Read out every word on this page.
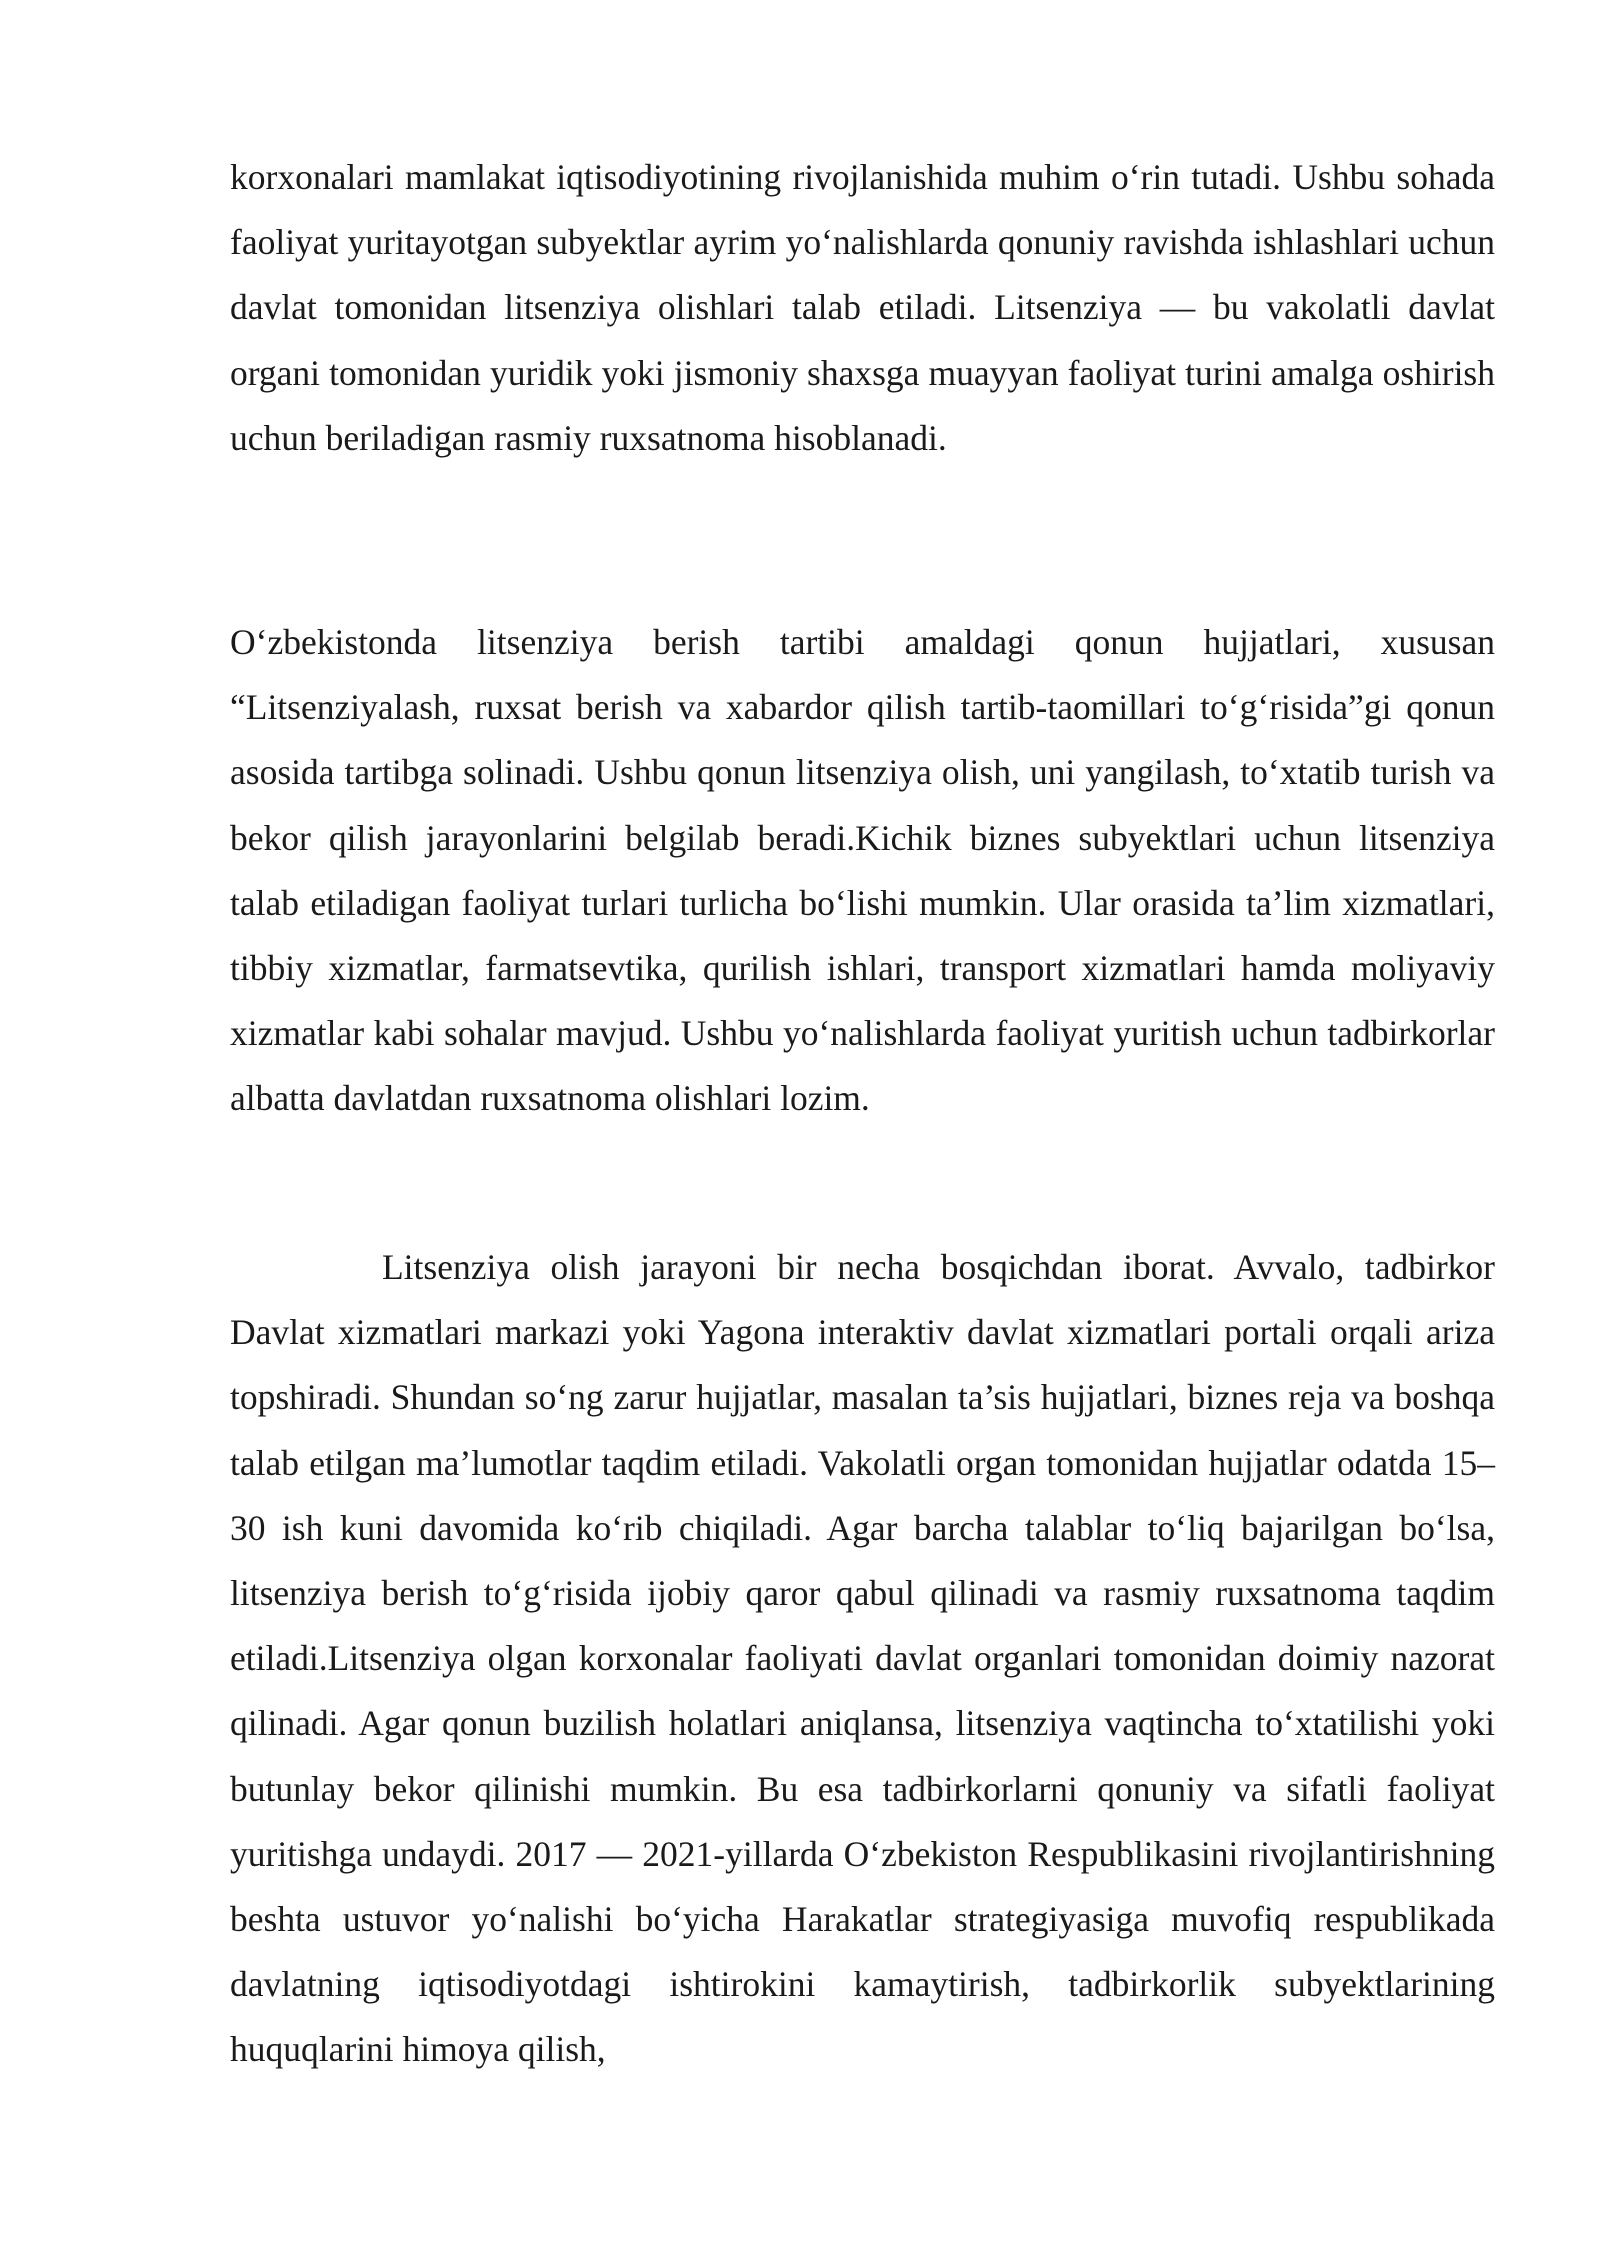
korxonalari mamlakat iqtisodiyotining rivojlanishida muhim o‘rin tutadi. Ushbu sohada faoliyat yuritayotgan subyektlar ayrim yo‘nalishlarda qonuniy ravishda ishlashlari uchun davlat tomonidan litsenziya olishlari talab etiladi. Litsenziya — bu vakolatli davlat organi tomonidan yuridik yoki jismoniy shaxsga muayyan faoliyat turini amalga oshirish uchun beriladigan rasmiy ruxsatnoma hisoblanadi.

O‘zbekistonda litsenziya berish tartibi amaldagi qonun hujjatlari, xususan “Litsenziyalash, ruxsat berish va xabardor qilish tartib-taomillari to‘g‘risida”gi qonun asosida tartibga solinadi. Ushbu qonun litsenziya olish, uni yangilash, to‘xtatib turish va bekor qilish jarayonlarini belgilab beradi.Kichik biznes subyektlari uchun litsenziya talab etiladigan faoliyat turlari turlicha bo‘lishi mumkin. Ular orasida ta’lim xizmatlari, tibbiy xizmatlar, farmatsevtika, qurilish ishlari, transport xizmatlari hamda moliyaviy xizmatlar kabi sohalar mavjud. Ushbu yo‘nalishlarda faoliyat yuritish uchun tadbirkorlar albatta davlatdan ruxsatnoma olishlari lozim.

Litsenziya olish jarayoni bir necha bosqichdan iborat. Avvalo, tadbirkor Davlat xizmatlari markazi yoki Yagona interaktiv davlat xizmatlari portali orqali ariza topshiradi. Shundan so‘ng zarur hujjatlar, masalan ta’sis hujjatlari, biznes reja va boshqa talab etilgan ma’lumotlar taqdim etiladi. Vakolatli organ tomonidan hujjatlar odatda 15–30 ish kuni davomida ko‘rib chiqiladi. Agar barcha talablar to‘liq bajarilgan bo‘lsa, litsenziya berish to‘g‘risida ijobiy qaror qabul qilinadi va rasmiy ruxsatnoma taqdim etiladi.Litsenziya olgan korxonalar faoliyati davlat organlari tomonidan doimiy nazorat qilinadi. Agar qonun buzilish holatlari aniqlansa, litsenziya vaqtincha to‘xtatilishi yoki butunlay bekor qilinishi mumkin. Bu esa tadbirkorlarni qonuniy va sifatli faoliyat yuritishga undaydi. 2017 — 2021-yillarda O‘zbekiston Respublikasini rivojlantirishning beshta ustuvor yo‘nalishi bo‘yicha Harakatlar strategiyasiga muvofiq respublikada davlatning iqtisodiyotdagi ishtirokini kamaytirish, tadbirkorlik subyektlarining huquqlarini himoya qilish,
